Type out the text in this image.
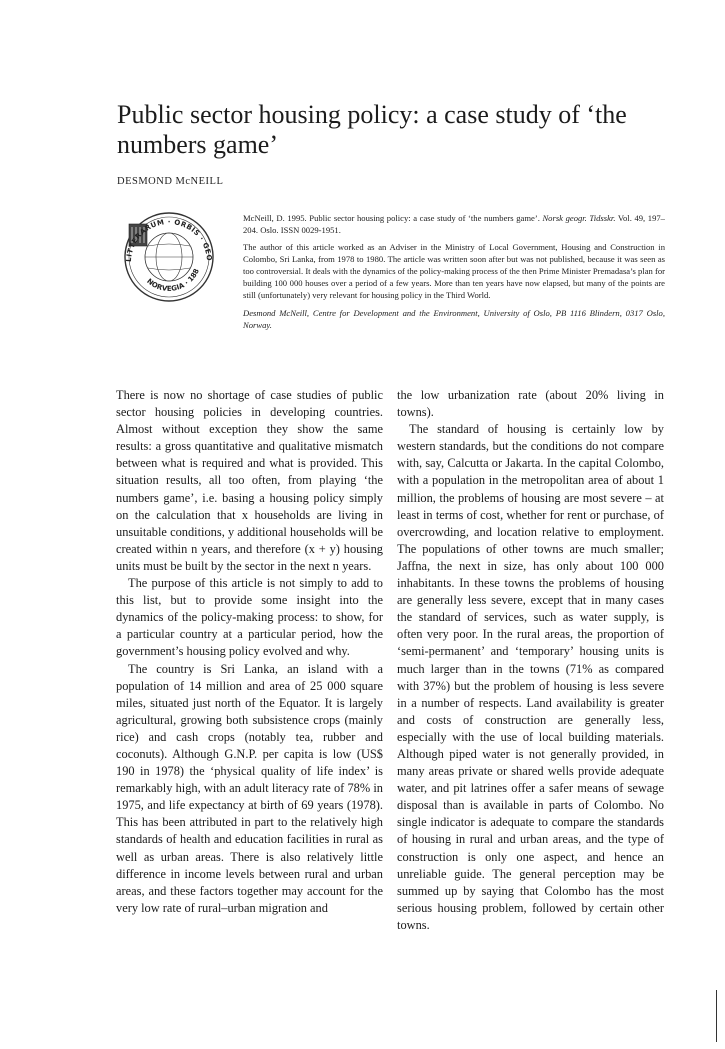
Public sector housing policy: a case study of ‘the numbers game’
DESMOND McNEILL
LITTERARUM · ORBIS · GEO
NORVEGIA · 188

McNeill, D. 1995. Public sector housing policy: a case study of ‘the numbers game’. Norsk geogr. Tidsskr. Vol. 49, 197–204. Oslo. ISSN 0029-1951.

The author of this article worked as an Adviser in the Ministry of Local Government, Housing and Construction in Colombo, Sri Lanka, from 1978 to 1980. The article was written soon after but was not published, because it was seen as too controversial. It deals with the dynamics of the policy-making process of the then Prime Minister Premadasa’s plan for building 100 000 houses over a period of a few years. More than ten years have now elapsed, but many of the points are still (unfortunately) very relevant for housing policy in the Third World.

Desmond McNeill, Centre for Development and the Environment, University of Oslo, PB 1116 Blindern, 0317 Oslo, Norway.

There is now no shortage of case studies of public sector housing policies in developing countries. Almost without exception they show the same results: a gross quantitative and qualitative mismatch between what is required and what is provided. This situation results, all too often, from playing ‘the numbers game’, i.e. basing a housing policy simply on the calculation that x households are living in unsuitable conditions, y additional households will be created within n years, and therefore (x + y) housing units must be built by the sector in the next n years.

The purpose of this article is not simply to add to this list, but to provide some insight into the dynamics of the policy-making process: to show, for a particular country at a particular period, how the government’s housing policy evolved and why.

The country is Sri Lanka, an island with a population of 14 million and area of 25 000 square miles, situated just north of the Equator. It is largely agricultural, growing both subsistence crops (mainly rice) and cash crops (notably tea, rubber and coconuts). Although G.N.P. per capita is low (US$ 190 in 1978) the ‘physical quality of life index’ is remarkably high, with an adult literacy rate of 78% in 1975, and life expectancy at birth of 69 years (1978). This has been attributed in part to the relatively high standards of health and education facilities in rural as well as urban areas. There is also relatively little difference in income levels between rural and urban areas, and these factors together may account for the very low rate of rural–urban migration and

the low urbanization rate (about 20% living in towns).

The standard of housing is certainly low by western standards, but the conditions do not compare with, say, Calcutta or Jakarta. In the capital Colombo, with a population in the metropolitan area of about 1 million, the problems of housing are most severe – at least in terms of cost, whether for rent or purchase, of overcrowding, and location relative to employment. The populations of other towns are much smaller; Jaffna, the next in size, has only about 100 000 inhabitants. In these towns the problems of housing are generally less severe, except that in many cases the standard of services, such as water supply, is often very poor. In the rural areas, the proportion of ‘semi-permanent’ and ‘temporary’ housing units is much larger than in the towns (71% as compared with 37%) but the problem of housing is less severe in a number of respects. Land availability is greater and costs of construction are generally less, especially with the use of local building materials. Although piped water is not generally provided, in many areas private or shared wells provide adequate water, and pit latrines offer a safer means of sewage disposal than is available in parts of Colombo. No single indicator is adequate to compare the standards of housing in rural and urban areas, and the type of construction is only one aspect, and hence an unreliable guide. The general perception may be summed up by saying that Colombo has the most serious housing problem, followed by certain other towns.
